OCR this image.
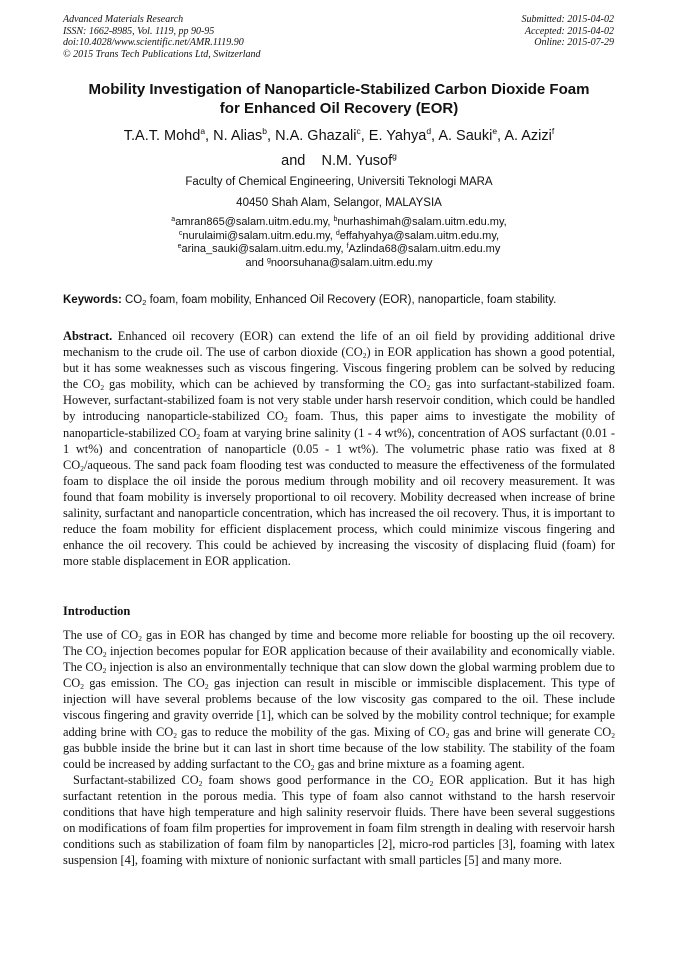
Advanced Materials Research
ISSN: 1662-8985, Vol. 1119, pp 90-95
doi:10.4028/www.scientific.net/AMR.1119.90
© 2015 Trans Tech Publications Ltd, Switzerland
Submitted: 2015-04-02
Accepted: 2015-04-02
Online: 2015-07-29
Mobility Investigation of Nanoparticle-Stabilized Carbon Dioxide Foam
for Enhanced Oil Recovery (EOR)
T.A.T. Mohd$^a$, N. Alias$^b$, N.A. Ghazali$^c$, E. Yahya$^d$, A. Sauki$^e$, A. Azizi$^f$
and N.M. Yusof$^g$
Faculty of Chemical Engineering, Universiti Teknologi MARA
40450 Shah Alam, Selangor, MALAYSIA
$^a$amran865@salam.uitm.edu.my, $^b$nurhashimah@salam.uitm.edu.my,
$^c$nurulaimi@salam.uitm.edu.my, $^d$effahyahya@salam.uitm.edu.my,
$^e$arina_sauki@salam.uitm.edu.my, $^f$Azlinda68@salam.uitm.edu.my
and $^g$noorsuhana@salam.uitm.edu.my
Keywords: $CO_2$ foam, foam mobility, Enhanced Oil Recovery (EOR), nanoparticle, foam stability.
Abstract. Enhanced oil recovery (EOR) can extend the life of an oil field by providing additional drive mechanism to the crude oil. The use of carbon dioxide $(CO_2)$ in EOR application has shown a good potential, but it has some weaknesses such as viscous fingering. Viscous fingering problem can be solved by reducing the $CO_2$ gas mobility, which can be achieved by transforming the $CO_2$ gas into surfactant-stabilized foam. However, surfactant-stabilized foam is not very stable under harsh reservoir condition, which could be handled by introducing nanoparticle-stabilized $CO_2$ foam. Thus, this paper aims to investigate the mobility of nanoparticle-stabilized $CO_2$ foam at varying brine salinity (1 - 4 wt%), concentration of AOS surfactant (0.01 - 1 wt%) and concentration of nanoparticle (0.05 - 1 wt%). The volumetric phase ratio was fixed at 8 $CO_2$/aqueous. The sand pack foam flooding test was conducted to measure the effectiveness of the formulated foam to displace the oil inside the porous medium through mobility and oil recovery measurement. It was found that foam mobility is inversely proportional to oil recovery. Mobility decreased when increase of brine salinity, surfactant and nanoparticle concentration, which has increased the oil recovery. Thus, it is important to reduce the foam mobility for efficient displacement process, which could minimize viscous fingering and enhance the oil recovery. This could be achieved by increasing the viscosity of displacing fluid (foam) for more stable displacement in EOR application.
Introduction

The use of $CO_2$ gas in EOR has changed by time and become more reliable for boosting up the oil recovery. The $CO_2$ injection becomes popular for EOR application because of their availability and economically viable. The $CO_2$ injection is also an environmentally technique that can slow down the global warming problem due to $CO_2$ gas emission. The $CO_2$ gas injection can result in miscible or immiscible displacement. This type of injection will have several problems because of the low viscosity gas compared to the oil. These include viscous fingering and gravity override [1], which can be solved by the mobility control technique; for example adding brine with $CO_2$ gas to reduce the mobility of the gas. Mixing of $CO_2$ gas and brine will generate $CO_2$ gas bubble inside the brine but it can last in short time because of the low stability. The stability of the foam could be increased by adding surfactant to the $CO_2$ gas and brine mixture as a foaming agent.

Surfactant-stabilized $CO_2$ foam shows good performance in the $CO_2$ EOR application. But it has high surfactant retention in the porous media. This type of foam also cannot withstand to the harsh reservoir conditions that have high temperature and high salinity reservoir fluids. There have been several suggestions on modifications of foam film properties for improvement in foam film strength in dealing with reservoir harsh conditions such as stabilization of foam film by nanoparticles [2], micro-rod particles [3], foaming with latex suspension [4], foaming with mixture of nonionic surfactant with small particles [5] and many more.
